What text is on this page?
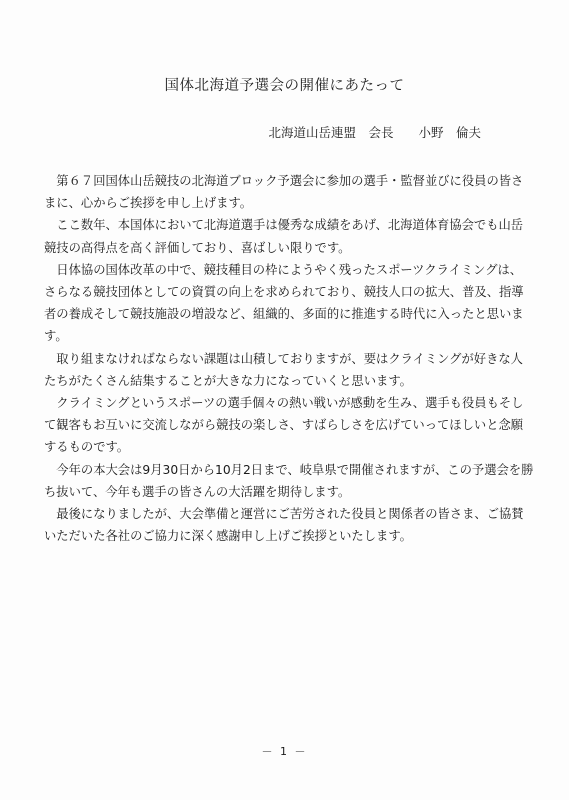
国体北海道予選会の開催にあたって
北海道山岳連盟　会長　　小野　倫夫

第６７回国体山岳競技の北海道ブロック予選会に参加の選手・監督並びに役員の皆さまに、心からご挨拶を申し上げます。

ここ数年、本国体において北海道選手は優秀な成績をあげ、北海道体育協会でも山岳競技の高得点を高く評価しており、喜ばしい限りです。

日体協の国体改革の中で、競技種目の枠にようやく残ったスポーツクライミングは、さらなる競技団体としての資質の向上を求められており、競技人口の拡大、普及、指導者の養成そして競技施設の増設など、組織的、多面的に推進する時代に入ったと思います。

取り組まなければならない課題は山積しておりますが、要はクライミングが好きな人たちがたくさん結集することが大きな力になっていくと思います。

クライミングというスポーツの選手個々の熱い戦いが感動を生み、選手も役員もそして観客もお互いに交流しながら競技の楽しさ、すばらしさを広げていってほしいと念願するものです。

今年の本大会は9月30日から10月2日まで、岐阜県で開催されますが、この予選会を勝ち抜いて、今年も選手の皆さんの大活躍を期待します。

最後になりましたが、大会準備と運営にご苦労された役員と関係者の皆さま、ご協賛いただいた各社のご協力に深く感謝申し上げご挨拶といたします。

－ 1 －
